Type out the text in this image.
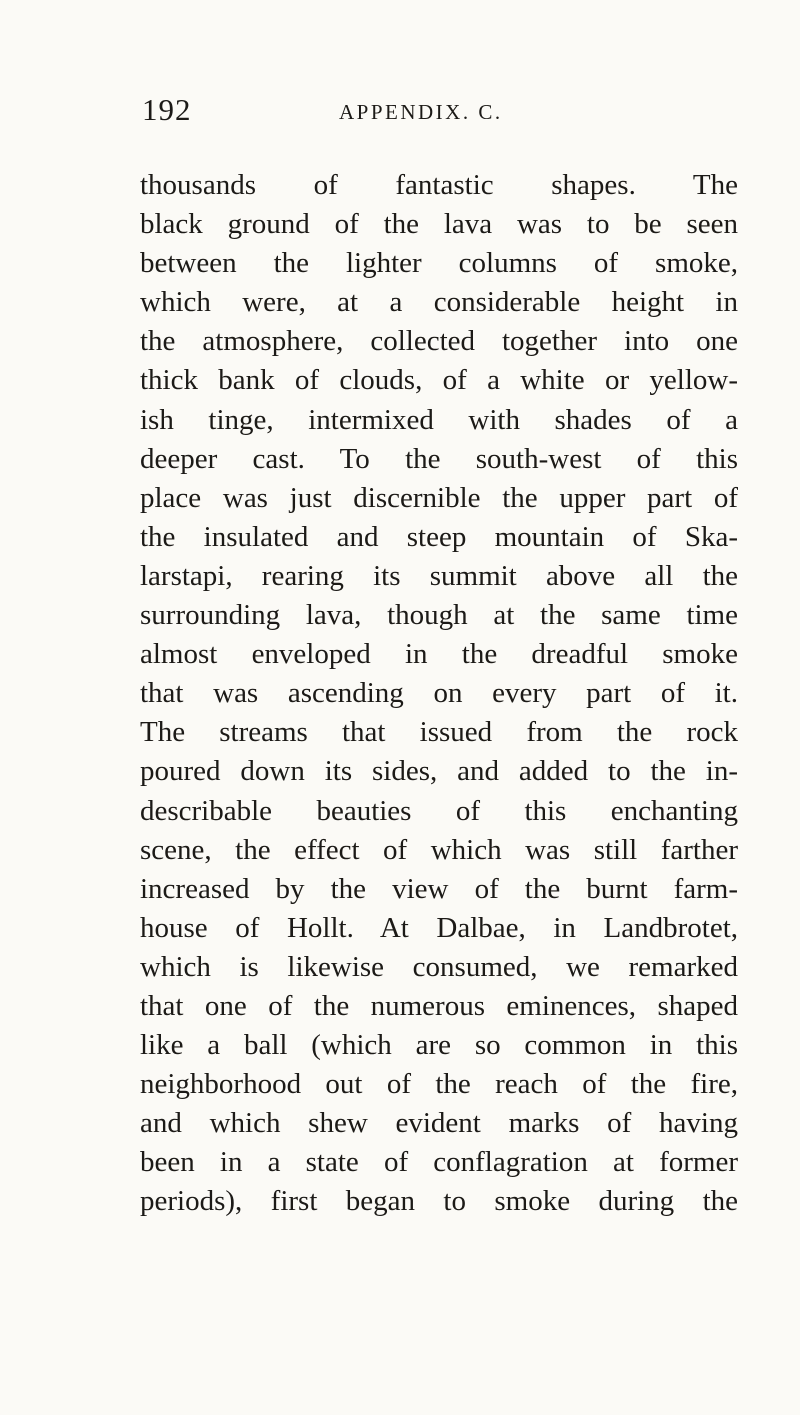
192	APPENDIX. C.
thousands of fantastic shapes. The
black ground of the lava was to be seen
between the lighter columns of smoke,
which were, at a considerable height in
the atmosphere, collected together into one
thick bank of clouds, of a white or yellow-
ish tinge, intermixed with shades of a
deeper cast. To the south-west of this
place was just discernible the upper part of
the insulated and steep mountain of Ska-
larstapi, rearing its summit above all the
surrounding lava, though at the same time
almost enveloped in the dreadful smoke
that was ascending on every part of it.
The streams that issued from the rock
poured down its sides, and added to the in-
describable beauties of this enchanting
scene, the effect of which was still farther
increased by the view of the burnt farm-
house of Hollt. At Dalbae, in Landbrotet,
which is likewise consumed, we remarked
that one of the numerous eminences, shaped
like a ball (which are so common in this
neighborhood out of the reach of the fire,
and which shew evident marks of having
been in a state of conflagration at former
periods), first began to smoke during the
